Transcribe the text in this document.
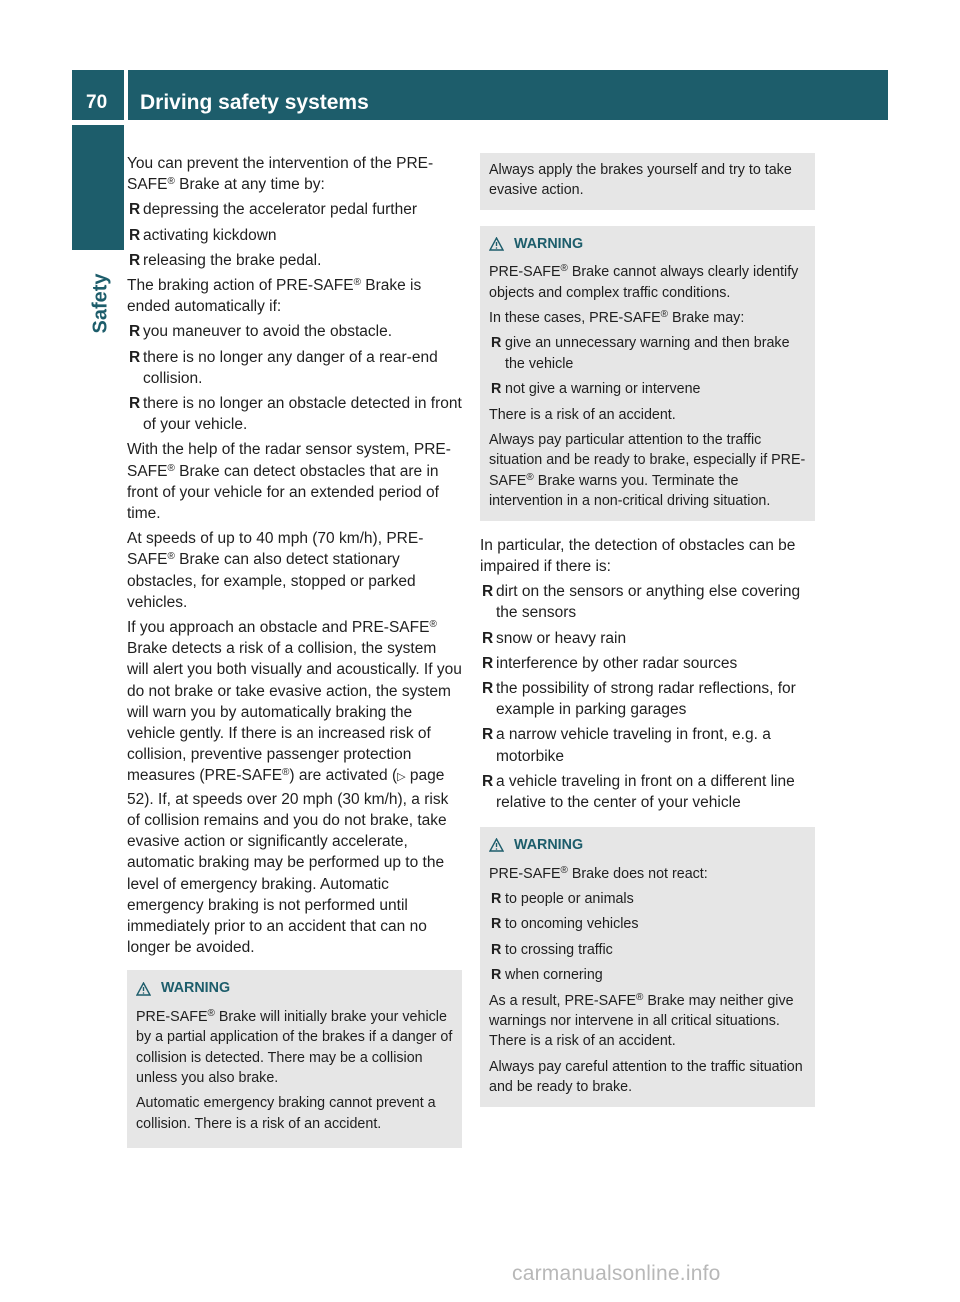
70	Driving safety systems
Safety

You can prevent the intervention of the PRE-SAFE® Brake at any time by:

R depressing the accelerator pedal further
R activating kickdown
R releasing the brake pedal.

The braking action of PRE-SAFE® Brake is ended automatically if:

R you maneuver to avoid the obstacle.
R there is no longer any danger of a rear-end collision.
R there is no longer an obstacle detected in front of your vehicle.

With the help of the radar sensor system, PRE-SAFE® Brake can detect obstacles that are in front of your vehicle for an extended period of time.

At speeds of up to 40 mph (70 km/h), PRE-SAFE® Brake can also detect stationary obstacles, for example, stopped or parked vehicles.

If you approach an obstacle and PRE-SAFE® Brake detects a risk of a collision, the system will alert you both visually and acoustically. If you do not brake or take evasive action, the system will warn you by automatically braking the vehicle gently. If there is an increased risk of collision, preventive passenger protection measures (PRE-SAFE®) are activated (▷ page 52). If, at speeds over 20 mph (30 km/h), a risk of collision remains and you do not brake, take evasive action or significantly accelerate, automatic braking may be performed up to the level of emergency braking. Automatic emergency braking is not performed until immediately prior to an accident that can no longer be avoided.

WARNING

PRE-SAFE® Brake will initially brake your vehicle by a partial application of the brakes if a danger of collision is detected. There may be a collision unless you also brake.

Automatic emergency braking cannot prevent a collision. There is a risk of an accident.

Always apply the brakes yourself and try to take evasive action.

WARNING

PRE-SAFE® Brake cannot always clearly identify objects and complex traffic conditions.

In these cases, PRE-SAFE® Brake may:

R give an unnecessary warning and then brake the vehicle
R not give a warning or intervene

There is a risk of an accident.

Always pay particular attention to the traffic situation and be ready to brake, especially if PRE-SAFE® Brake warns you. Terminate the intervention in a non-critical driving situation.

In particular, the detection of obstacles can be impaired if there is:

R dirt on the sensors or anything else covering the sensors
R snow or heavy rain
R interference by other radar sources
R the possibility of strong radar reflections, for example in parking garages
R a narrow vehicle traveling in front, e.g. a motorbike
R a vehicle traveling in front on a different line relative to the center of your vehicle
WARNING

PRE-SAFE® Brake does not react:

R to people or animals
R to oncoming vehicles
R to crossing traffic
R when cornering

As a result, PRE-SAFE® Brake may neither give warnings nor intervene in all critical situations. There is a risk of an accident.

Always pay careful attention to the traffic situation and be ready to brake.

carmanualsonline.info
